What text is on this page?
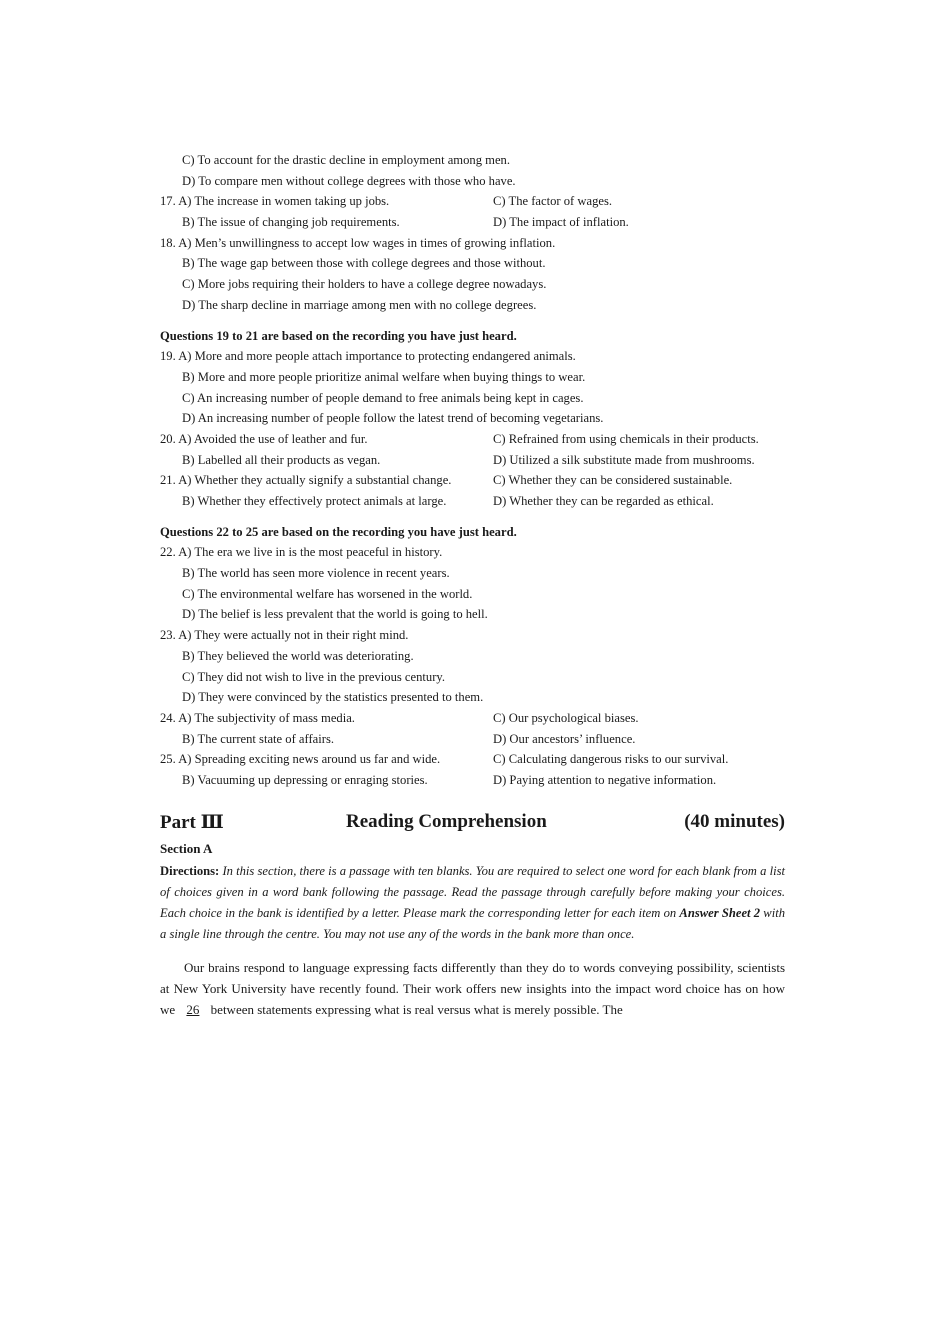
C) To account for the drastic decline in employment among men.
D) To compare men without college degrees with those who have.
17. A) The increase in women taking up jobs.	C) The factor of wages.
B) The issue of changing job requirements.	D) The impact of inflation.
18. A) Men’s unwillingness to accept low wages in times of growing inflation.
B) The wage gap between those with college degrees and those without.
C) More jobs requiring their holders to have a college degree nowadays.
D) The sharp decline in marriage among men with no college degrees.
Questions 19 to 21 are based on the recording you have just heard.
19. A) More and more people attach importance to protecting endangered animals.
B) More and more people prioritize animal welfare when buying things to wear.
C) An increasing number of people demand to free animals being kept in cages.
D) An increasing number of people follow the latest trend of becoming vegetarians.
20. A) Avoided the use of leather and fur.	C) Refrained from using chemicals in their products.
B) Labelled all their products as vegan.	D) Utilized a silk substitute made from mushrooms.
21. A) Whether they actually signify a substantial change.	C) Whether they can be considered sustainable.
B) Whether they effectively protect animals at large.	D) Whether they can be regarded as ethical.
Questions 22 to 25 are based on the recording you have just heard.
22. A) The era we live in is the most peaceful in history.
B) The world has seen more violence in recent years.
C) The environmental welfare has worsened in the world.
D) The belief is less prevalent that the world is going to hell.
23. A) They were actually not in their right mind.
B) They believed the world was deteriorating.
C) They did not wish to live in the previous century.
D) They were convinced by the statistics presented to them.
24. A) The subjectivity of mass media.	C) Our psychological biases.
B) The current state of affairs.	D) Our ancestors’ influence.
25. A) Spreading exciting news around us far and wide.	C) Calculating dangerous risks to our survival.
B) Vacuuming up depressing or enraging stories.	D) Paying attention to negative information.
Part Ⅲ	Reading Comprehension	(40 minutes)
Section A
Directions: In this section, there is a passage with ten blanks. You are required to select one word for each blank from a list of choices given in a word bank following the passage. Read the passage through carefully before making your choices. Each choice in the bank is identified by a letter. Please mark the corresponding letter for each item on Answer Sheet 2 with a single line through the centre. You may not use any of the words in the bank more than once.
Our brains respond to language expressing facts differently than they do to words conveying possibility, scientists at New York University have recently found. Their work offers new insights into the impact word choice has on how we 26 between statements expressing what is real versus what is merely possible. The
